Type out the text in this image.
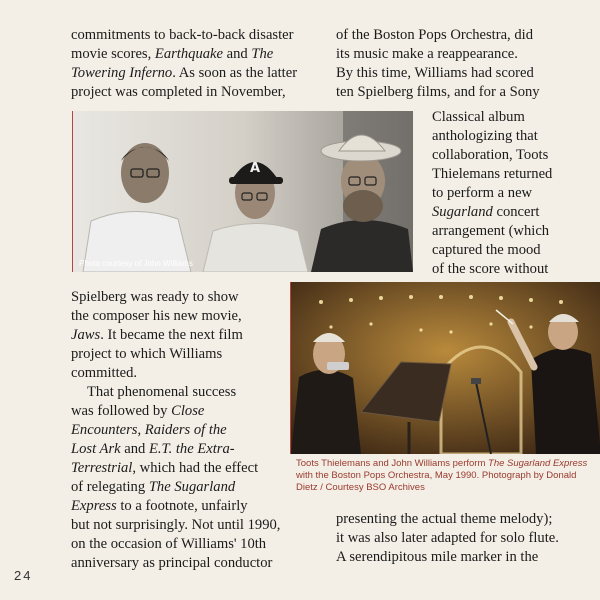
commitments to back-to-back disaster

movie scores, Earthquake and The

Towering Inferno. As soon as the latter

project was completed in November,

of the Boston Pops Orchestra, did

its music make a reappearance.

By this time, Williams had scored

ten Spielberg films, and for a Sony

A
Photo courtesy of John Williams

Classical album

anthologizing that

collaboration, Toots

Thielemans returned

to perform a new

Sugarland concert

arrangement (which

captured the mood

of the score without

Spielberg was ready to show

the composer his new movie,

Jaws. It became the next film

project to which Williams

committed.

That phenomenal success

was followed by Close

Encounters, Raiders of the

Lost Ark and E.T. the Extra-

Terrestrial, which had the effect

of relegating The Sugarland

Express to a footnote, unfairly

but not surprisingly. Not until 1990,

on the occasion of Williams' 10th

anniversary as principal conductor

Toots Thielemans and John Williams perform The Sugarland Express with the Boston Pops Orchestra, May 1990. Photograph by Donald Dietz / Courtesy BSO Archives

presenting the actual theme melody);

it was also later adapted for solo flute.

A serendipitous mile marker in the

24
